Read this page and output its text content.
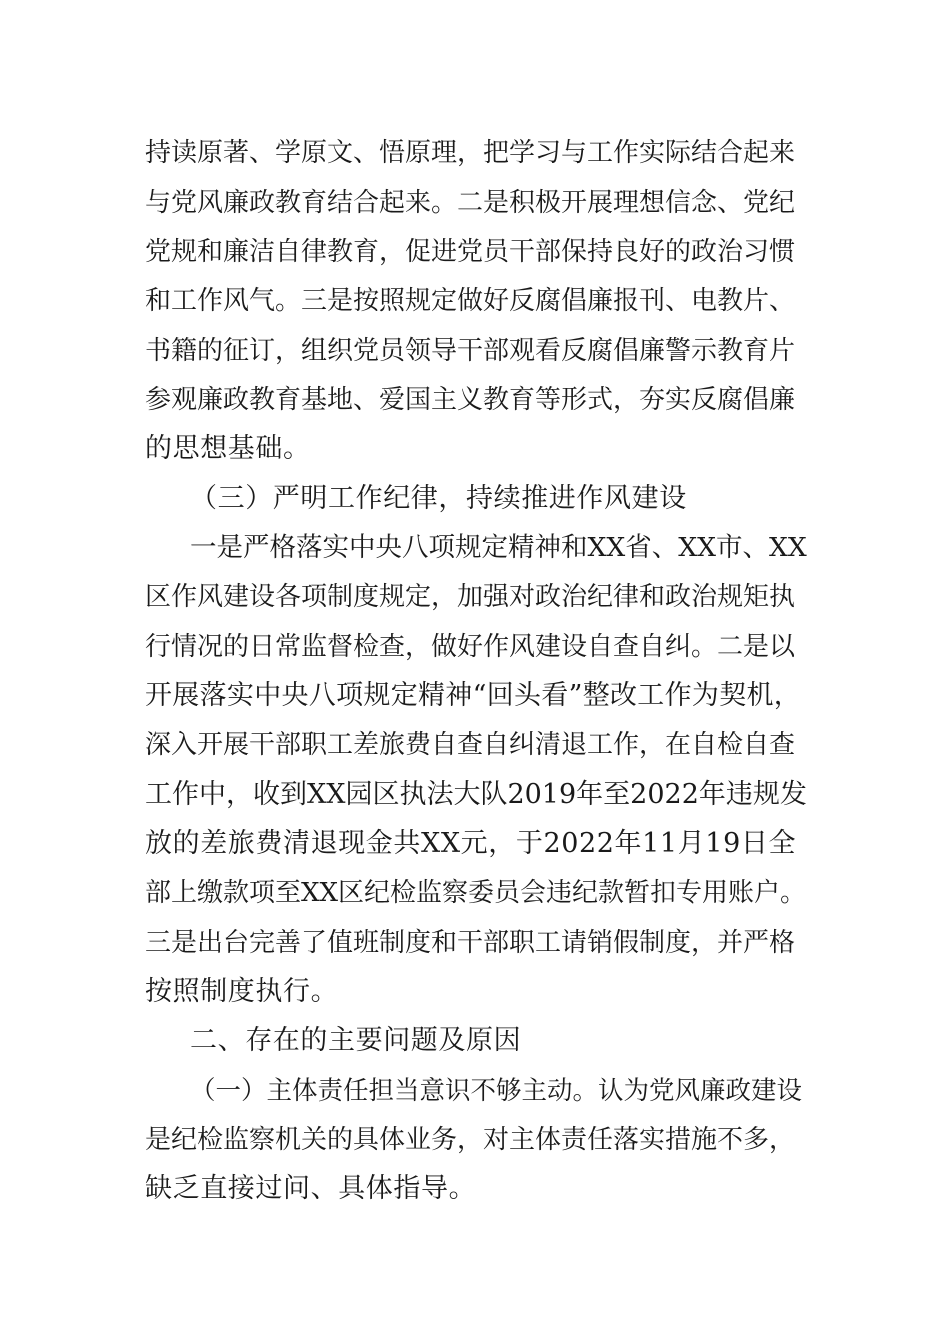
持读原著、学原文、悟原理，把学习与工作实际结合起来
与党风廉政教育结合起来。二是积极开展理想信念、党纪
党规和廉洁自律教育，促进党员干部保持良好的政治习惯
和工作风气。三是按照规定做好反腐倡廉报刊、电教片、
书籍的征订，组织党员领导干部观看反腐倡廉警示教育片
参观廉政教育基地、爱国主义教育等形式，夯实反腐倡廉
的思想基础。
（三）严明工作纪律，持续推进作风建设
一是严格落实中央八项规定精神和XX省、XX市、XX
区作风建设各项制度规定，加强对政治纪律和政治规矩执
行情况的日常监督检查，做好作风建设自查自纠。二是以
开展落实中央八项规定精神“回头看”整改工作为契机，
深入开展干部职工差旅费自查自纠清退工作，在自检自查
工作中，收到XX园区执法大队2019年至2022年违规发
放的差旅费清退现金共XX元，于2022年11月19日全
部上缴款项至XX区纪检监察委员会违纪款暂扣专用账户。
三是出台完善了值班制度和干部职工请销假制度，并严格
按照制度执行。
二、存在的主要问题及原因
（一）主体责任担当意识不够主动。认为党风廉政建设
是纪检监察机关的具体业务，对主体责任落实措施不多，
缺乏直接过问、具体指导。
